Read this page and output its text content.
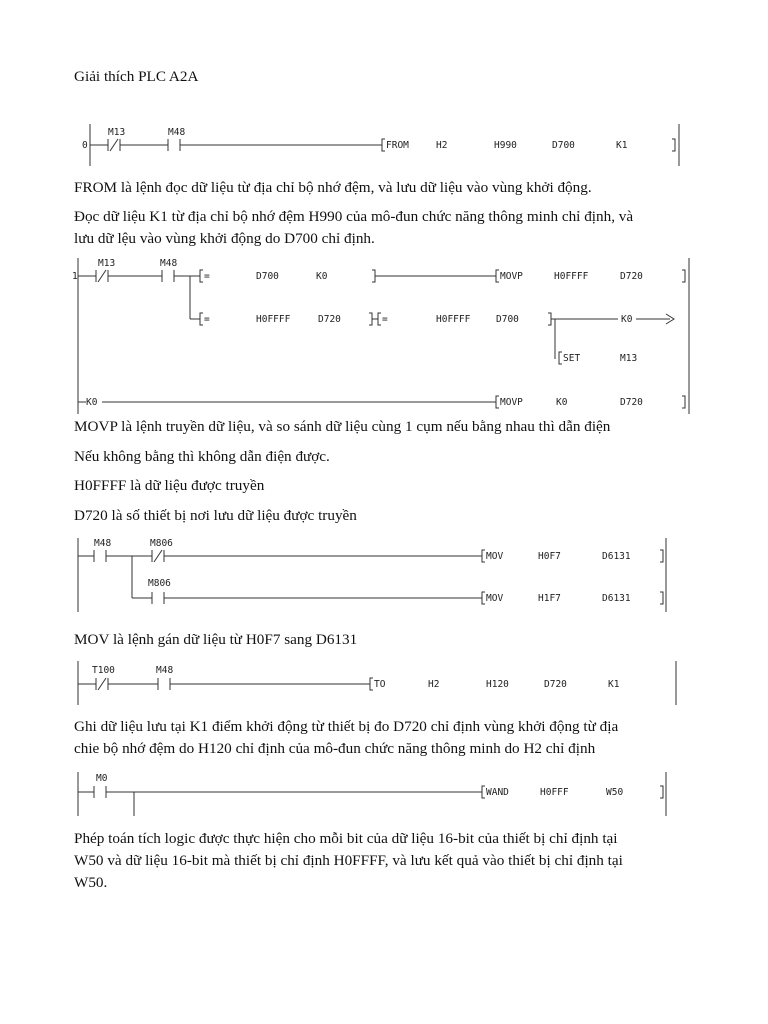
Giải thích PLC A2A
0
M13	M48
FROM	H2	H990	D700	K1
FROM là lệnh đọc dữ liệu từ địa chỉ bộ nhớ đệm, và lưu dữ liệu vào vùng khởi động.
Đọc dữ liệu K1 từ địa chỉ bộ nhớ đệm H990 của mô-đun chức năng thông minh chỉ định, và
lưu dữ lệu vào vùng khởi động do D700 chỉ định.
1
M13	M48
=	D700	K0	MOVP	H0FFFF	D720
=	H0FFFF	D720	=	H0FFFF	D700	K0
SET	M13
K0	MOVP	K0	D720
MOVP là lệnh truyền dữ liệu, và so sánh dữ liệu cùng 1 cụm nếu bằng nhau thì dẫn điện
Nếu không bằng thì không dẫn điện được.
H0FFFF là dữ liệu được truyền
D720 là số thiết bị nơi lưu dữ liệu được truyền
M48	M806
MOV	H0F7	D6131
M806
MOV	H1F7	D6131
MOV là lệnh gán dữ liệu từ H0F7 sang D6131
T100	M48
TO	H2	H120	D720	K1
Ghi dữ liệu lưu tại K1 điểm khởi động từ thiết bị đo D720 chỉ định vùng khởi động từ địa
chie bộ nhớ đệm do H120 chỉ định của mô-đun chức năng thông minh do H2 chỉ định
M0
WAND	H0FFF	W50
Phép toán tích logic được thực hiện cho mỗi bit của dữ liệu 16-bit của thiết bị chỉ định tại
W50 và dữ liệu 16-bit mà thiết bị chỉ định H0FFFF, và lưu kết quả vào thiết bị chỉ định tại
W50.
